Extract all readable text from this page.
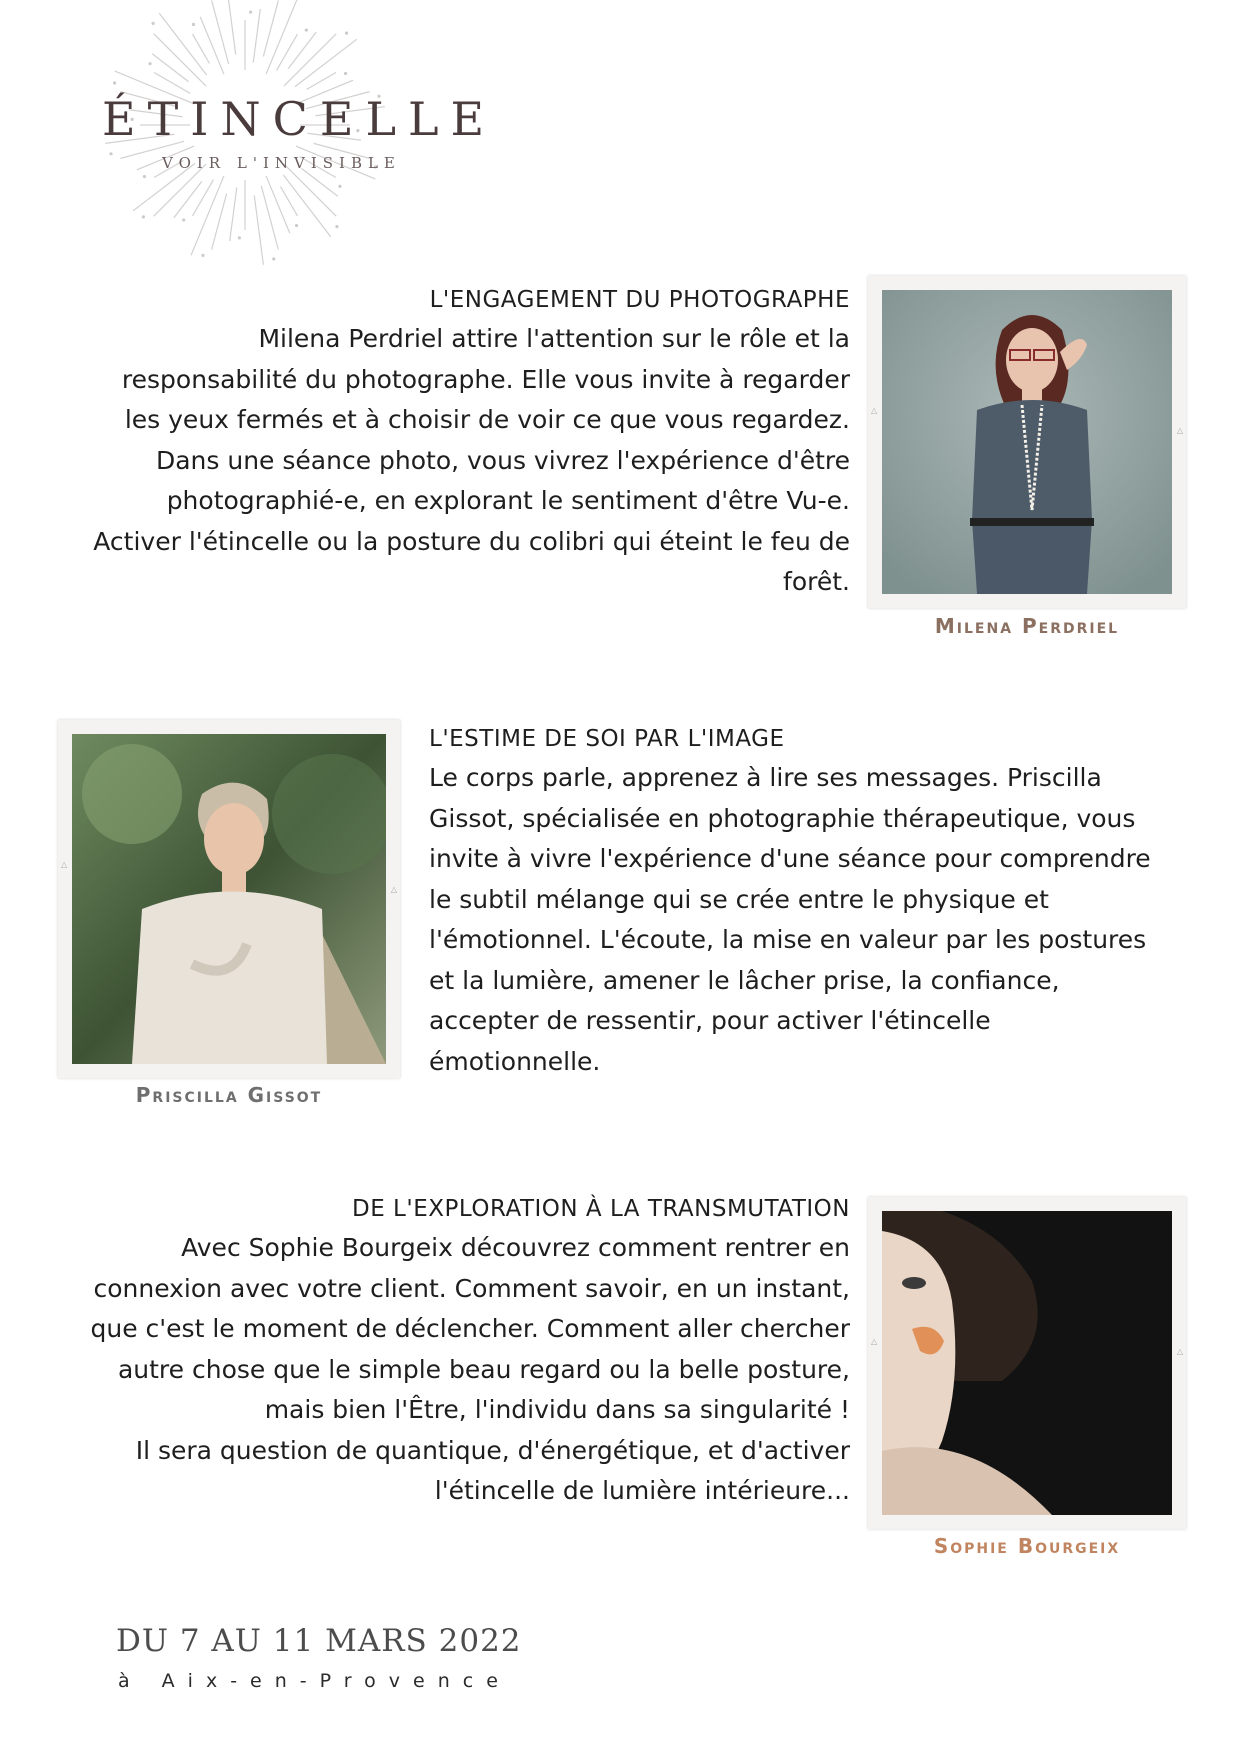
ÉTINCELLE
VOIR L'INVISIBLE
L'ENGAGEMENT DU PHOTOGRAPHE
Milena Perdriel attire l'attention sur le rôle et la
responsabilité du photographe. Elle vous invite à regarder
les yeux fermés et à choisir de voir ce que vous regardez.
Dans une séance photo, vous vivrez l'expérience d'être
photographié-e, en explorant le sentiment d'être Vu-e.
Activer l'étincelle ou la posture du colibri qui éteint le feu de
forêt.
△
△
Milena Perdriel
△
△
Priscilla Gissot
L'ESTIME DE SOI PAR L'IMAGE
Le corps parle, apprenez à lire ses messages. Priscilla
Gissot, spécialisée en photographie thérapeutique, vous
invite à vivre l'expérience d'une séance pour comprendre
le subtil mélange qui se crée entre le physique et
l'émotionnel. L'écoute, la mise en valeur par les postures
et la lumière, amener le lâcher prise, la confiance,
accepter de ressentir, pour activer l'étincelle
émotionnelle.
DE L'EXPLORATION À LA TRANSMUTATION
Avec Sophie Bourgeix découvrez comment rentrer en
connexion avec votre client. Comment savoir, en un instant,
que c'est le moment de déclencher. Comment aller chercher
autre chose que le simple beau regard ou la belle posture,
mais bien l'Être, l'individu dans sa singularité !
Il sera question de quantique, d'énergétique, et d'activer
l'étincelle de lumière intérieure...
△
△
Sophie Bourgeix
DU 7 AU 11 MARS 2022
à Aix-en-Provence
